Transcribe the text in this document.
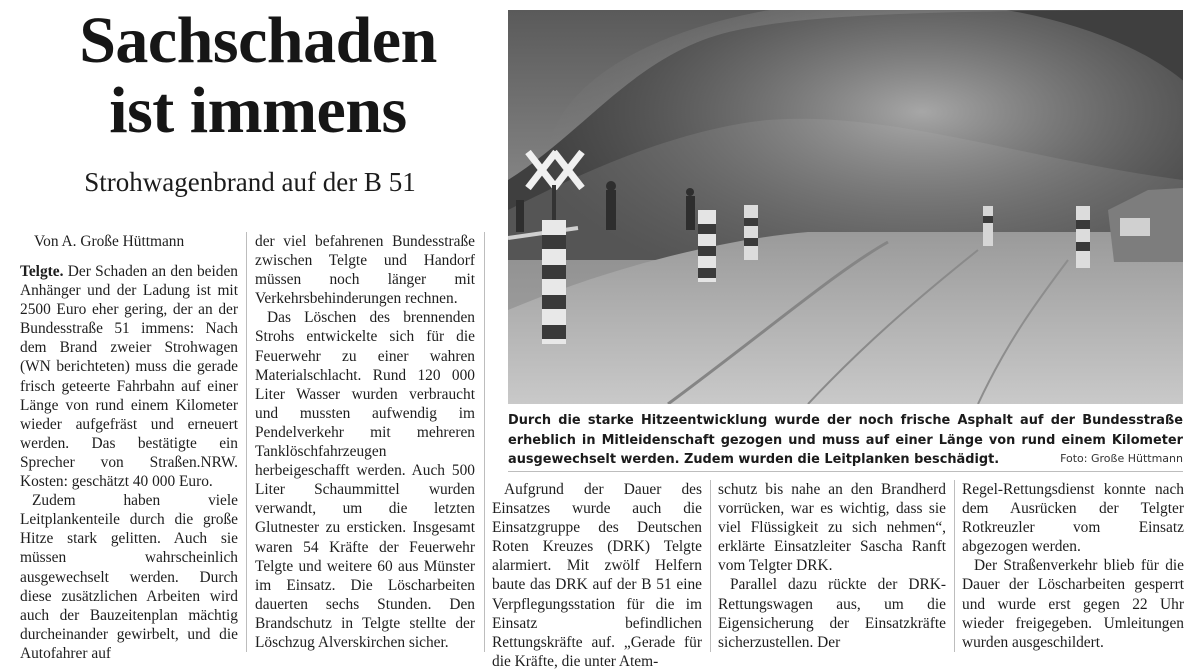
Sachschaden
ist immens
Strohwagenbrand auf der B 51
Von A. Große Hüttmann

Telgte. Der Schaden an den beiden Anhänger und der Ladung ist mit 2500 Euro eher gering, der an der Bundesstraße 51 immens: Nach dem Brand zweier Strohwagen (WN berichteten) muss die gerade frisch geteerte Fahrbahn auf einer Länge von rund einem Kilometer wieder aufgefräst und erneuert werden. Das bestätigte ein Sprecher von Straßen.NRW. Kosten: geschätzt 40 000 Euro.

Zudem haben viele Leitplankenteile durch die große Hitze stark gelitten. Auch sie müssen wahrscheinlich ausgewechselt werden. Durch diese zusätzlichen Arbeiten wird auch der Bauzeitenplan mächtig durcheinander gewirbelt, und die Autofahrer auf

der viel befahrenen Bundesstraße zwischen Telgte und Handorf müssen noch länger mit Verkehrsbehinderungen rechnen.

Das Löschen des brennenden Strohs entwickelte sich für die Feuerwehr zu einer wahren Materialschlacht. Rund 120 000 Liter Wasser wurden verbraucht und mussten aufwendig im Pendelverkehr mit mehreren Tanklöschfahrzeugen herbeigeschafft werden. Auch 500 Liter Schaummittel wurden verwandt, um die letzten Glutnester zu ersticken. Insgesamt waren 54 Kräfte der Feuerwehr Telgte und weitere 60 aus Münster im Einsatz. Die Löscharbeiten dauerten sechs Stunden. Den Brandschutz in Telgte stellte der Löschzug Alverskirchen sicher.

Durch die starke Hitzeentwicklung wurde der noch frische Asphalt auf der Bundesstraße erheblich in Mitleidenschaft gezogen und muss auf einer Länge von rund einem Kilometer ausgewechselt werden. Zudem wurden die Leitplanken beschädigt.	Foto: Große Hüttmann

Aufgrund der Dauer des Einsatzes wurde auch die Einsatzgruppe des Deutschen Roten Kreuzes (DRK) Telgte alarmiert. Mit zwölf Helfern baute das DRK auf der B 51 eine Verpflegungsstation für die im Einsatz befindlichen Rettungskräfte auf. „Gerade für die Kräfte, die unter Atem-

schutz bis nahe an den Brandherd vorrücken, war es wichtig, dass sie viel Flüssigkeit zu sich nehmen“, erklärte Einsatzleiter Sascha Ranft vom Telgter DRK.

Parallel dazu rückte der DRK-Rettungswagen aus, um die Eigensicherung der Einsatzkräfte sicherzustellen. Der

Regel-Rettungsdienst konnte nach dem Ausrücken der Telgter Rotkreuzler vom Einsatz abgezogen werden.

Der Straßenverkehr blieb für die Dauer der Löscharbeiten gesperrt und wurde erst gegen 22 Uhr wieder freigegeben. Umleitungen wurden ausgeschildert.
